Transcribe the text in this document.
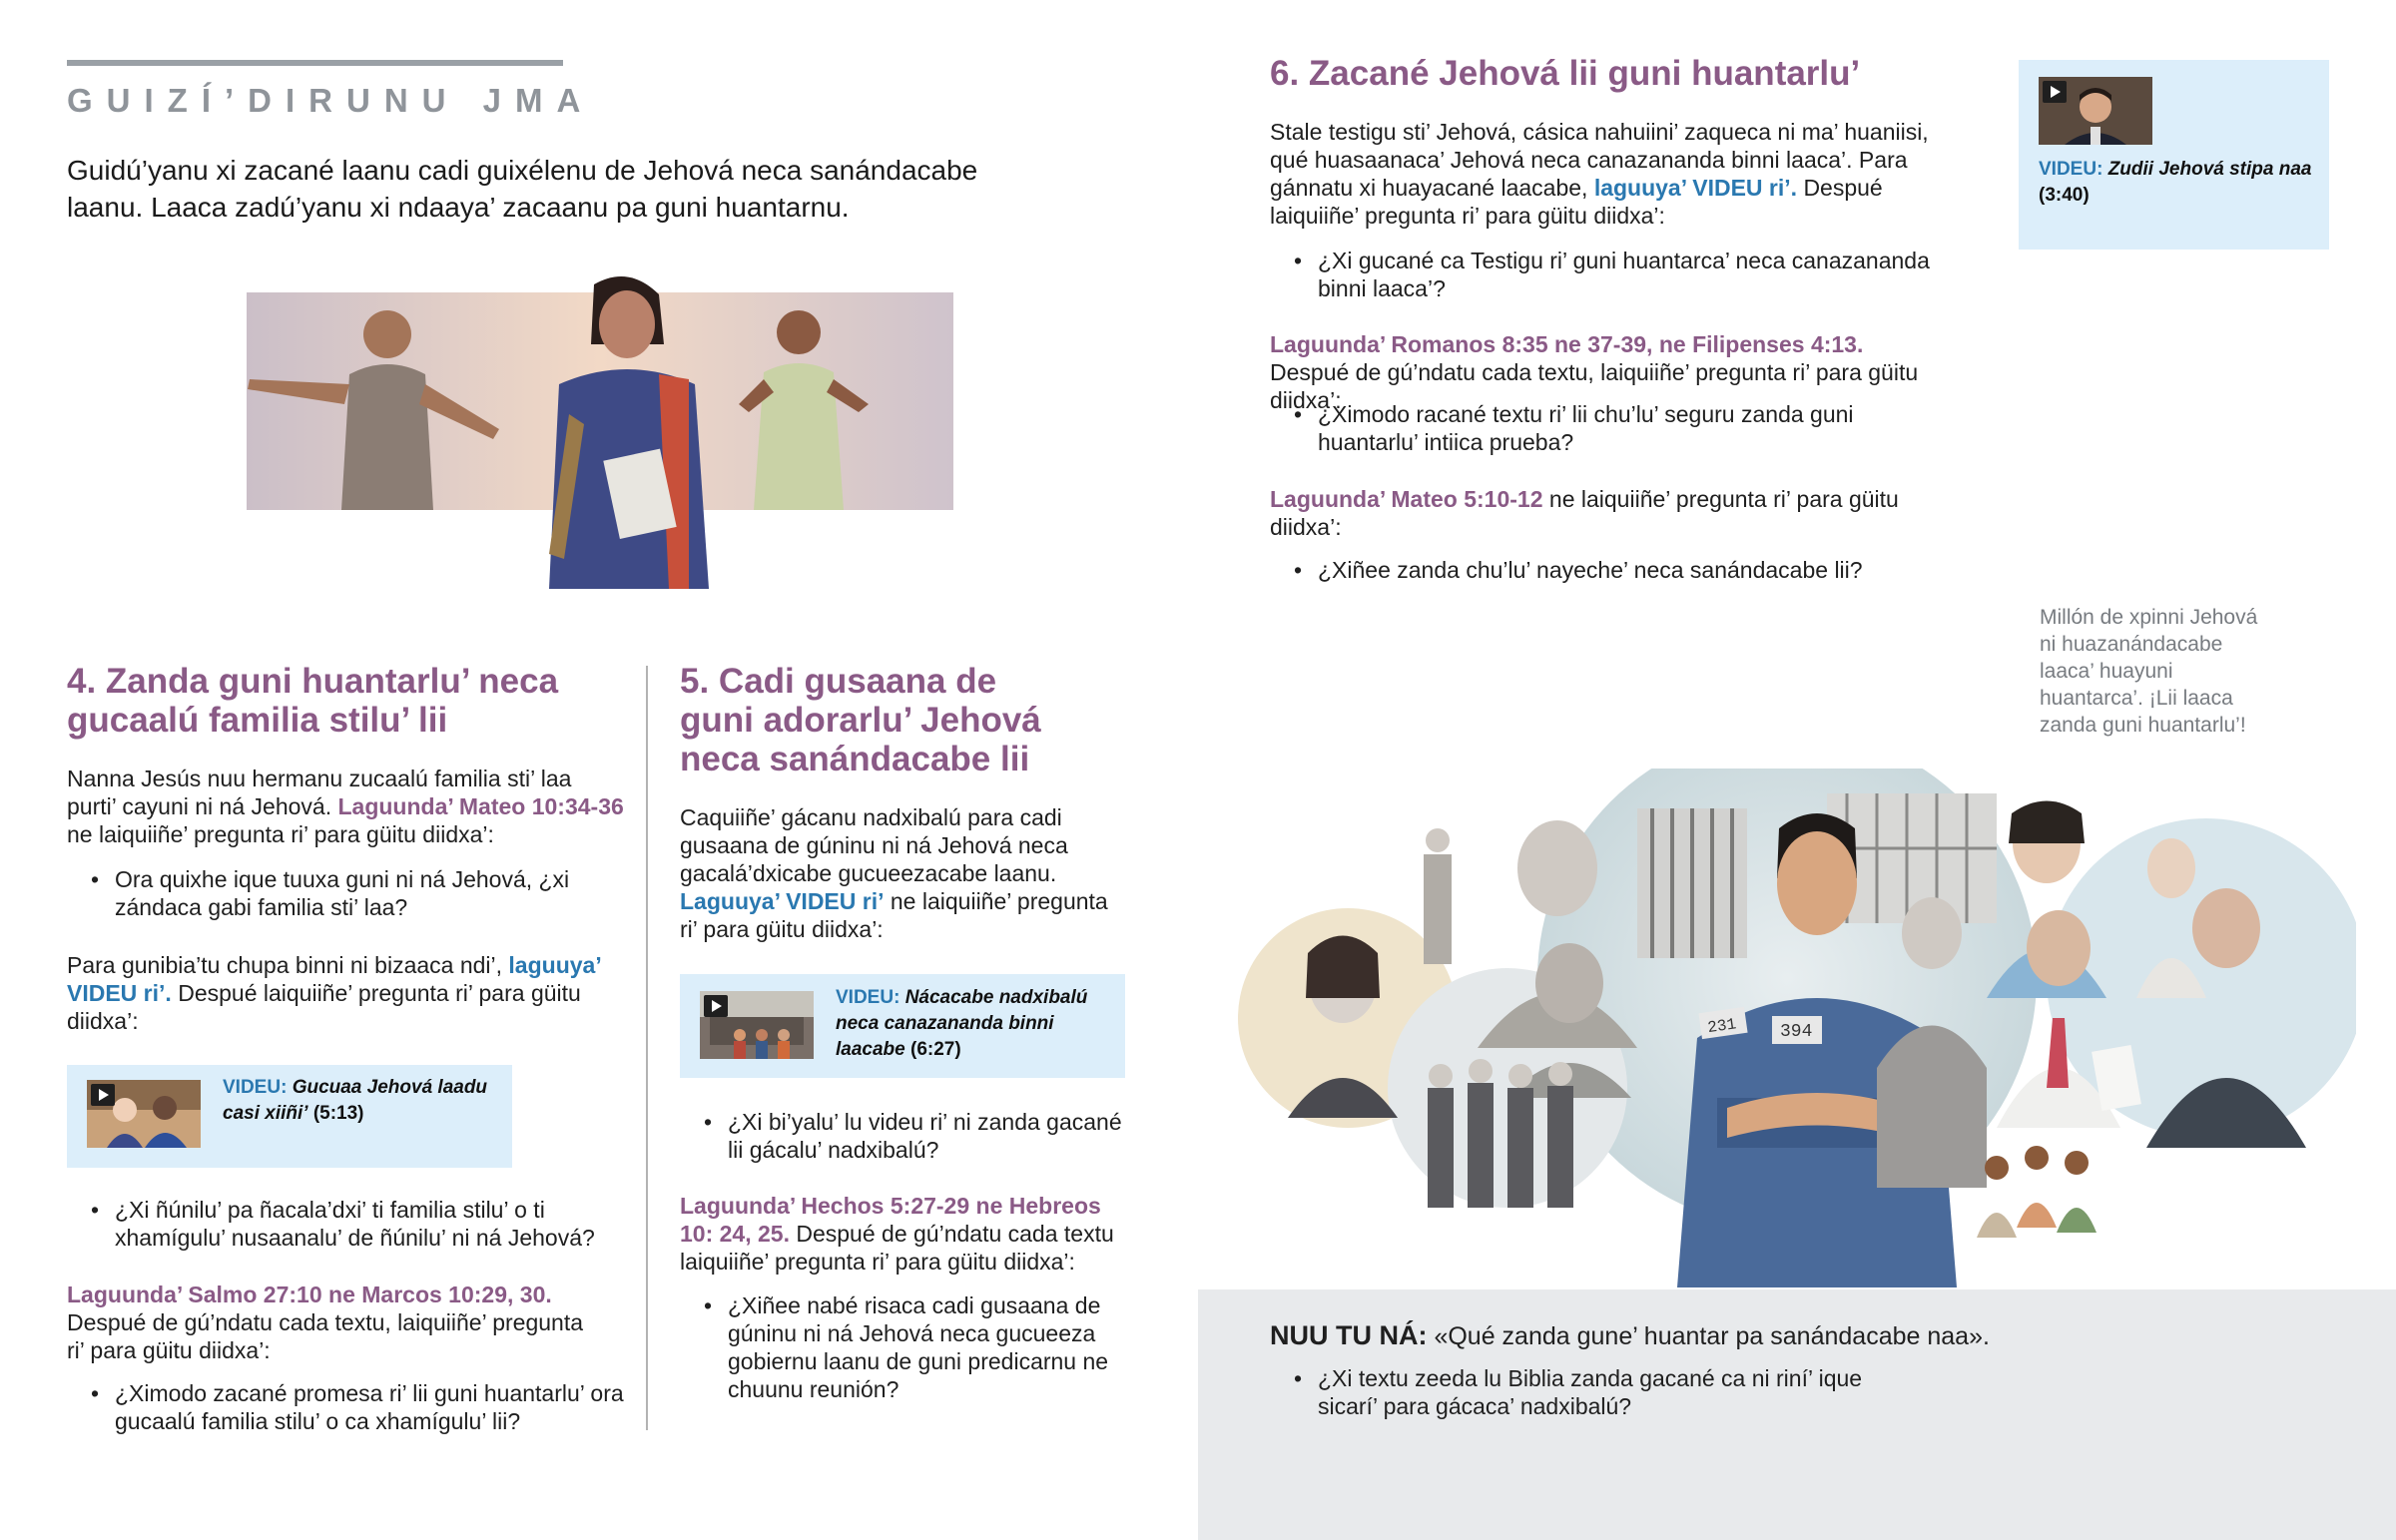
GUIZÍ’DIRUNU JMA
Guidú’yanu xi zacané laanu cadi guixélenu de Jehová neca sanándacabe laanu. Laaca zadú’yanu xi ndaaya’ zacaanu pa guni huantarnu.
4. Zanda guni huantarlu’ neca gucaalú familia stilu’ lii
Nanna Jesús nuu hermanu zucaalú familia sti’ laa purti’ cayuni ni ná Jehová. Laguunda’ Mateo 10:34-36 ne laiquiiñe’ pregunta ri’ para güitu diidxa’:
• Ora quixhe ique tuuxa guni ni ná Jehová, ¿xi zándaca gabi familia sti’ laa?
Para gunibia’tu chupa binni ni bizaaca ndi’, laguuya’ VIDEU ri’. Despué laiquiiñe’ pregunta ri’ para güitu diidxa’:
VIDEU: Gucuaa Jehová laadu casi xiiñi’ (5:13)
• ¿Xi ñúnilu’ pa ñacala’dxi’ ti familia stilu’ o ti xhamígulu’ nusaanalu’ de ñúnilu’ ni ná Jehová?
Laguunda’ Salmo 27:10 ne Marcos 10:29, 30. Despué de gú’ndatu cada textu, laiquiiñe’ pregunta ri’ para güitu diidxa’:
• ¿Ximodo zacané promesa ri’ lii guni huantarlu’ ora gucaalú familia stilu’ o ca xhamígulu’ lii?
5. Cadi gusaana de guni adorarlu’ Jehová neca sanándacabe lii
Caquiiñe’ gácanu nadxibalú para cadi gusaana de gúninu ni ná Jehová neca gacalá’dxicabe gucueezacabe laanu. Laguuya’ VIDEU ri’ ne laiquiiñe’ pregunta ri’ para güitu diidxa’:
VIDEU: Nácacabe nadxibalú neca canazananda binni laacabe (6:27)
• ¿Xi bi’yalu’ lu videu ri’ ni zanda gacané lii gácalu’ nadxibalú?
Laguunda’ Hechos 5:27-29 ne Hebreos 10: 24, 25. Despué de gú’ndatu cada textu laiquiiñe’ pregunta ri’ para güitu diidxa’:
• ¿Xiñee nabé risaca cadi gusaana de gúninu ni ná Jehová neca gucueeza gobiernu laanu de guni predicarnu ne chuunu reunión?
6. Zacané Jehová lii guni huantarlu’
Stale testigu sti’ Jehová, cásica nahuiini’ zaqueca ni ma’ huaniisi, qué huasaanaca’ Jehová neca canazananda binni laaca’. Para gánnatu xi huayacané laacabe, laguuya’ VIDEU ri’. Despué laiquiiñe’ pregunta ri’ para güitu diidxa’:
• ¿Xi gucané ca Testigu ri’ guni huantarca’ neca canazananda binni laaca’?
Laguunda’ Romanos 8:35 ne 37-39, ne Filipenses 4:13. Despué de gú’ndatu cada textu, laiquiiñe’ pregunta ri’ para güitu diidxa’:
• ¿Ximodo racané textu ri’ lii chu’lu’ seguru zanda guni huantarlu’ intiica prueba?
Laguunda’ Mateo 5:10-12 ne laiquiiñe’ pregunta ri’ para güitu diidxa’:
• ¿Xiñee zanda chu’lu’ nayeche’ neca sanándacabe lii?
VIDEU: Zudii Jehová stipa naa
(3:40)
Millón de xpinni Jehová ni huazanándacabe laaca’ huayuni huantarca’. ¡Lii laaca zanda guni huantarlu’!
231 394
NUU TU NÁ: «Qué zanda gune’ huantar pa sanándacabe naa».
• ¿Xi textu zeeda lu Biblia zanda gacané ca ni riní’ ique sicarí’ para gácaca’ nadxibalú?
